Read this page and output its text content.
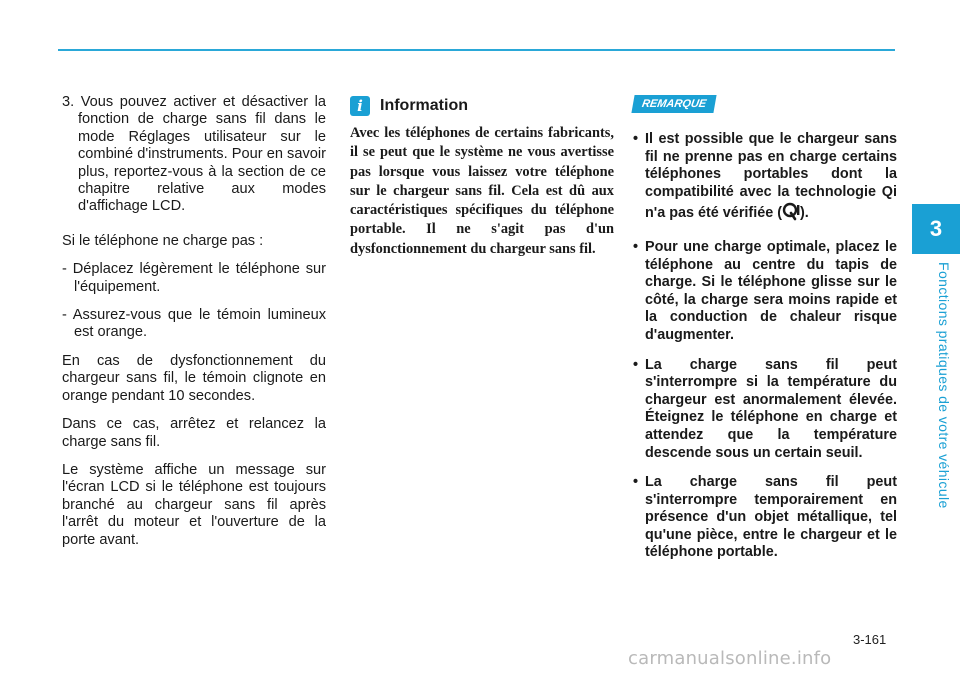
3
Fonctions pratiques de votre véhicule

3. Vous pouvez activer et désactiver la fonction de charge sans fil dans le mode Réglages utilisateur sur le combiné d'instruments. Pour en savoir plus, reportez-vous à la section de ce chapitre relative aux modes d'affichage LCD.

Si le téléphone ne charge pas :

- Déplacez légèrement le téléphone sur l'équipement.

- Assurez-vous que le témoin lumineux est orange.

En cas de dysfonctionnement du chargeur sans fil, le témoin clignote en orange pendant 10 secondes.

Dans ce cas, arrêtez et relancez la charge sans fil.

Le système affiche un message sur l'écran LCD si le téléphone est toujours branché au chargeur sans fil après l'arrêt du moteur et l'ouverture de la porte avant.

i	Information

Avec les téléphones de certains fabricants, il se peut que le système ne vous avertisse pas lorsque vous laissez votre téléphone sur le chargeur sans fil. Cela est dû aux caractéristiques spécifiques du téléphone portable. Il ne s'agit pas d'un dysfonctionnement du chargeur sans fil.

REMARQUE
• Il est possible que le chargeur sans fil ne prenne pas en charge certains téléphones portables dont la compatibilité avec la technologie Qi n'a pas été vérifiée ( ).
• Pour une charge optimale, placez le téléphone au centre du tapis de charge. Si le téléphone glisse sur le côté, la charge sera moins rapide et la conduction de chaleur risque d'augmenter.
• La charge sans fil peut s'interrompre si la température du chargeur est anormalement élevée. Éteignez le téléphone en charge et attendez que la température descende sous un certain seuil.
• La charge sans fil peut s'interrompre temporairement en présence d'un objet métallique, tel qu'une pièce, entre le chargeur et le téléphone portable.
3-161
carmanualsonline.info
